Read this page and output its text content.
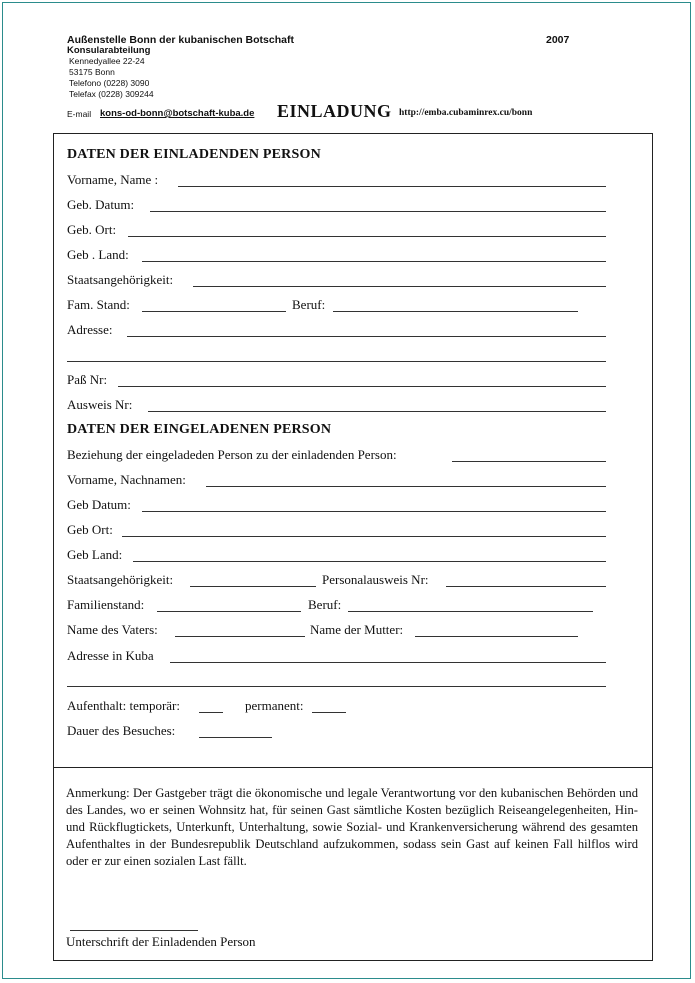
Außenstelle Bonn der kubanischen Botschaft	2007
Konsularabteilung
Kennedyallee 22-24
53175 Bonn
Telefono (0228) 3090
Telefax (0228) 309244
E-mail kons-od-bonn@botschaft-kuba.de EINLADUNG http://emba.cubaminrex.cu/bonn
DATEN DER EINLADENDEN PERSON
Vorname, Name :
Geb. Datum:
Geb. Ort:
Geb . Land:
Staatsangehörigkeit:
Fam. Stand:	Beruf:
Adresse:
Paß Nr:
Ausweis Nr:
DATEN DER EINGELADENEN PERSON
Beziehung der eingeladeden Person zu der einladenden Person:
Vorname, Nachnamen:
Geb Datum:
Geb Ort:
Geb Land:
Staatsangehörigkeit:	Personalausweis Nr:
Familienstand:	Beruf:
Name des Vaters:	Name der Mutter:
Adresse in Kuba
Aufenthalt: temporär:	permanent:
Dauer des Besuches:
Anmerkung: Der Gastgeber trägt die ökonomische und legale Verantwortung vor den kubanischen Behörden und des Landes, wo er seinen Wohnsitz hat, für seinen Gast sämtliche Kosten bezüglich Reiseangelegenheiten, Hin- und Rückflugtickets, Unterkunft, Unterhaltung, sowie Sozial- und Krankenversicherung während des gesamten Aufenthaltes in der Bundesrepublik Deutschland aufzukommen, sodass sein Gast auf keinen Fall hilflos wird oder er zur einen sozialen Last fällt.
Unterschrift der Einladenden Person
